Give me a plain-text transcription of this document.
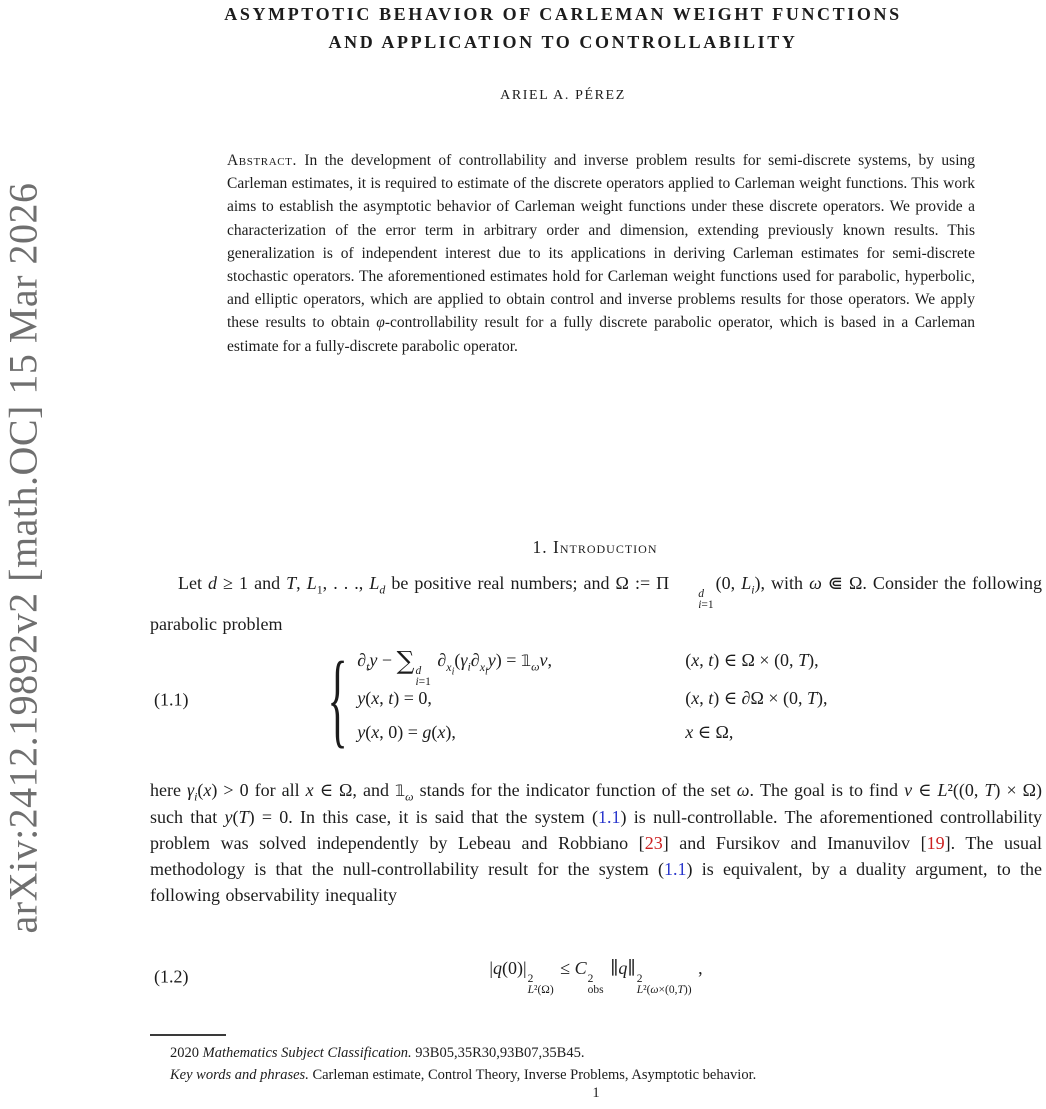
arXiv:2412.19892v2 [math.OC] 15 Mar 2026
ASYMPTOTIC BEHAVIOR OF CARLEMAN WEIGHT FUNCTIONS
AND APPLICATION TO CONTROLLABILITY
ARIEL A. PÉREZ
Abstract. In the development of controllability and inverse problem results for semi-discrete systems, by using Carleman estimates, it is required to estimate of the discrete operators applied to Carleman weight functions. This work aims to establish the asymptotic behavior of Carleman weight functions under these discrete operators. We provide a characterization of the error term in arbitrary order and dimension, extending previously known results. This generalization is of independent interest due to its applications in deriving Carleman estimates for semi-discrete stochastic operators. The aforementioned estimates hold for Carleman weight functions used for parabolic, hyperbolic, and elliptic operators, which are applied to obtain control and inverse problems results for those operators. We apply these results to obtain φ-controllability result for a fully discrete parabolic operator, which is based in a Carleman estimate for a fully-discrete parabolic operator.
1. Introduction
Let d ≥ 1 and T, $L_1$, . . ., $L_d$ be positive real numbers; and Ω := Π
d
i=1
(0, $L_i$), with ω ⋐ Ω. Consider the following parabolic problem
(1.1)	{ $\partial_ty$ − ∑ d
i=1
$\partial_{x_i}(\gamma_i\partial_{x_i}y)$ = $𝟙_\omega v$,	(x, t) ∈ Ω × (0, T),
y(x, t) = 0,	(x, t) ∈ ∂Ω × (0, T),
y(x, 0) = g(x),	x ∈ Ω,
here $\gamma_i(x) > 0$ for all x ∈ Ω, and $𝟙_\omega$ stands for the indicator function of the set ω. The goal is to find v ∈ L²((0, T) × Ω) such that y(T) = 0. In this case, it is said that the system (1.1) is null-controllable. The aforementioned controllability problem was solved independently by Lebeau and Robbiano [23] and Fursikov and Imanuvilov [19]. The usual methodology is that the null-controllability result for the system (1.1) is equivalent, by a duality argument, to the following observability inequality
(1.2)	|q(0)|
2
L²(Ω)
≤ C
2
obs
∥q∥
2
L²(ω×(0,T))
,
2020 Mathematics Subject Classification. 93B05,35R30,93B07,35B45.
Key words and phrases. Carleman estimate, Control Theory, Inverse Problems, Asymptotic behavior.
1
